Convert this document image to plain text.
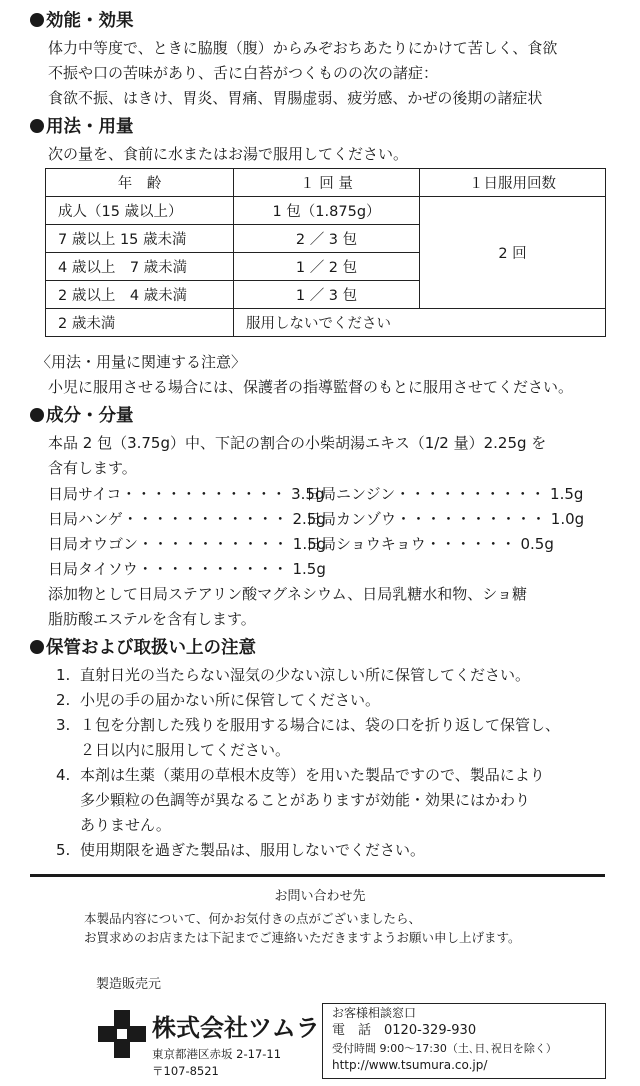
効能・効果
体力中等度で、ときに脇腹（腹）からみぞおちあたりにかけて苦しく、食欲
不振や口の苦味があり、舌に白苔がつくものの次の諸症：
食欲不振、はきけ、胃炎、胃痛、胃腸虚弱、疲労感、かぜの後期の諸症状
用法・用量
次の量を、食前に水またはお湯で服用してください。
年　齢	１ 回 量	１日服用回数
成人（15 歳以上）	1 包（1.875g）	2 回
7 歳以上 15 歳未満	2 ／ 3 包	
4 歳以上　7 歳未満	1 ／ 2 包	
2 歳以上　4 歳未満	1 ／ 3 包	
2 歳未満	服用しないでください	
〈用法・用量に関連する注意〉
小児に服用させる場合には、保護者の指導監督のもとに服用させてください。
成分・分量
本品 2 包（3.75g）中、下記の割合の小柴胡湯エキス（1/2 量）2.25g を
含有します。
日局サイコ・・・・・・・・・・・ 3.5g
日局ハンゲ・・・・・・・・・・・ 2.5g
日局オウゴン・・・・・・・・・・ 1.5g
日局タイソウ・・・・・・・・・・ 1.5g
日局ニンジン・・・・・・・・・・ 1.5g
日局カンゾウ・・・・・・・・・・ 1.0g
日局ショウキョウ・・・・・・ 0.5g
添加物として日局ステアリン酸マグネシウム、日局乳糖水和物、ショ糖
脂肪酸エステルを含有します。
保管および取扱い上の注意
1. 直射日光の当たらない湿気の少ない涼しい所に保管してください。
2. 小児の手の届かない所に保管してください。
3. １包を分割した残りを服用する場合には、袋の口を折り返して保管し、
２日以内に服用してください。
4. 本剤は生薬（薬用の草根木皮等）を用いた製品ですので、製品により
多少顆粒の色調等が異なることがありますが効能・効果にはかわり
ありません。
5. 使用期限を過ぎた製品は、服用しないでください。
お問い合わせ先
本製品内容について、何かお気付きの点がございましたら、
お買求めのお店または下記までご連絡いただきますようお願い申し上げます。
製造販売元
株式会社ツムラ
東京都港区赤坂 2-17-11
〒107-8521
お客様相談窓口
電　話　0120-329-930
受付時間 9:00〜17:30（土､日､祝日を除く）
http://www.tsumura.co.jp/
